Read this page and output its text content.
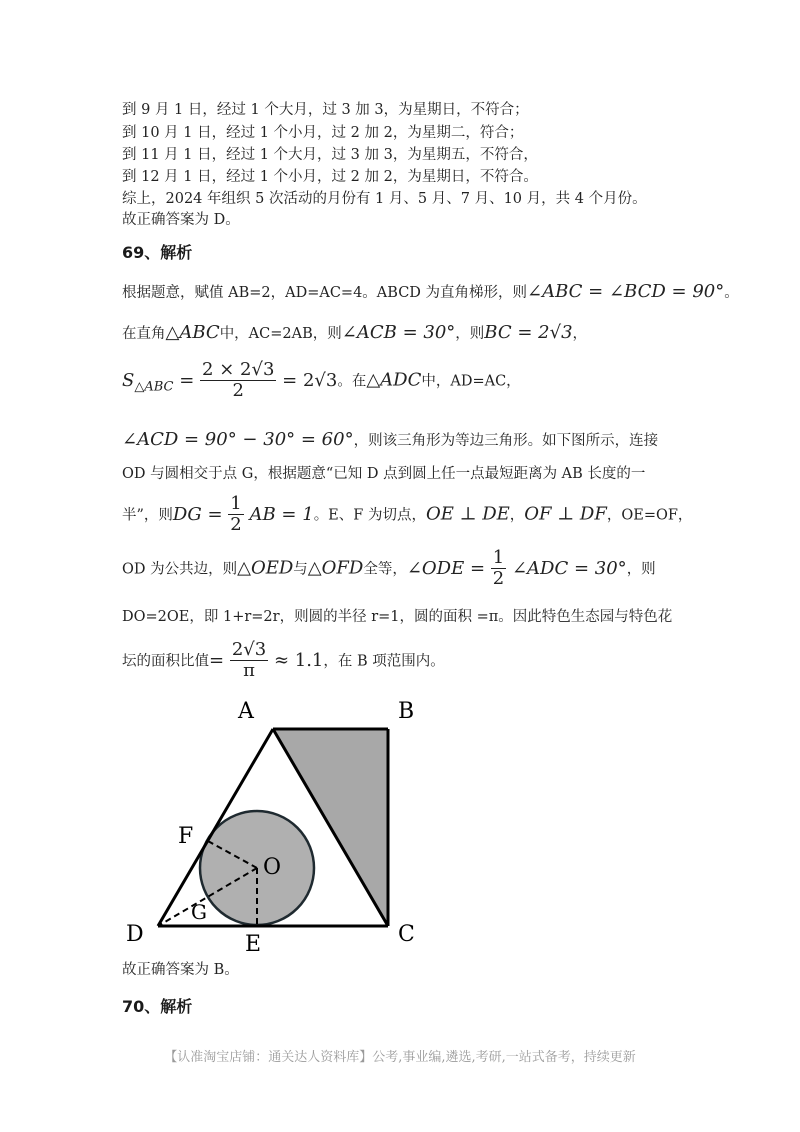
到 9 月 1 日，经过 1 个大月，过 3 加 3，为星期日，不符合；
到 10 月 1 日，经过 1 个小月，过 2 加 2，为星期二，符合；
到 11 月 1 日，经过 1 个大月，过 3 加 3，为星期五，不符合，
到 12 月 1 日，经过 1 个小月，过 2 加 2，为星期日，不符合。
综上，2024 年组织 5 次活动的月份有 1 月、5 月、7 月、10 月，共 4 个月份。
故正确答案为 D。
69、解析
根据题意，赋值 AB=2，AD=AC=4。ABCD 为直角梯形，则∠ABC = ∠BCD = 90°。
在直角△ABC中，AC=2AB，则∠ACB = 30°，则BC = 2√3，
$S_{\triangle ABC} = \frac{2 \times 2√3}{2} = 2√3$。在△ADC中，AD=AC，
∠ACD = 90° − 30° = 60°，则该三角形为等边三角形。如下图所示，连接
OD 与圆相交于点 G，根据题意“已知 D 点到圆上任一点最短距离为 AB 长度的一
半”，则DG = $\frac{1}{2}$ AB = 1。E、F 为切点，OE ⊥ DE，OF ⊥ DF，OE=OF，
OD 为公共边，则△OED与△OFD全等，∠ODE = $\frac{1}{2}$ ∠ADC = 30°，则
DO=2OE，即 1+r=2r，则圆的半径 r=1，圆的面积 =π。因此特色生态园与特色花
坛的面积比值= $\frac{2√3}{\pi} \approx 1.1$，在 B 项范围内。
A	B
C
D	E
F
G
O
故正确答案为 B。
70、解析
【认准淘宝店铺：通关达人资料库】公考,事业编,遴选,考研,一站式备考，持续更新
